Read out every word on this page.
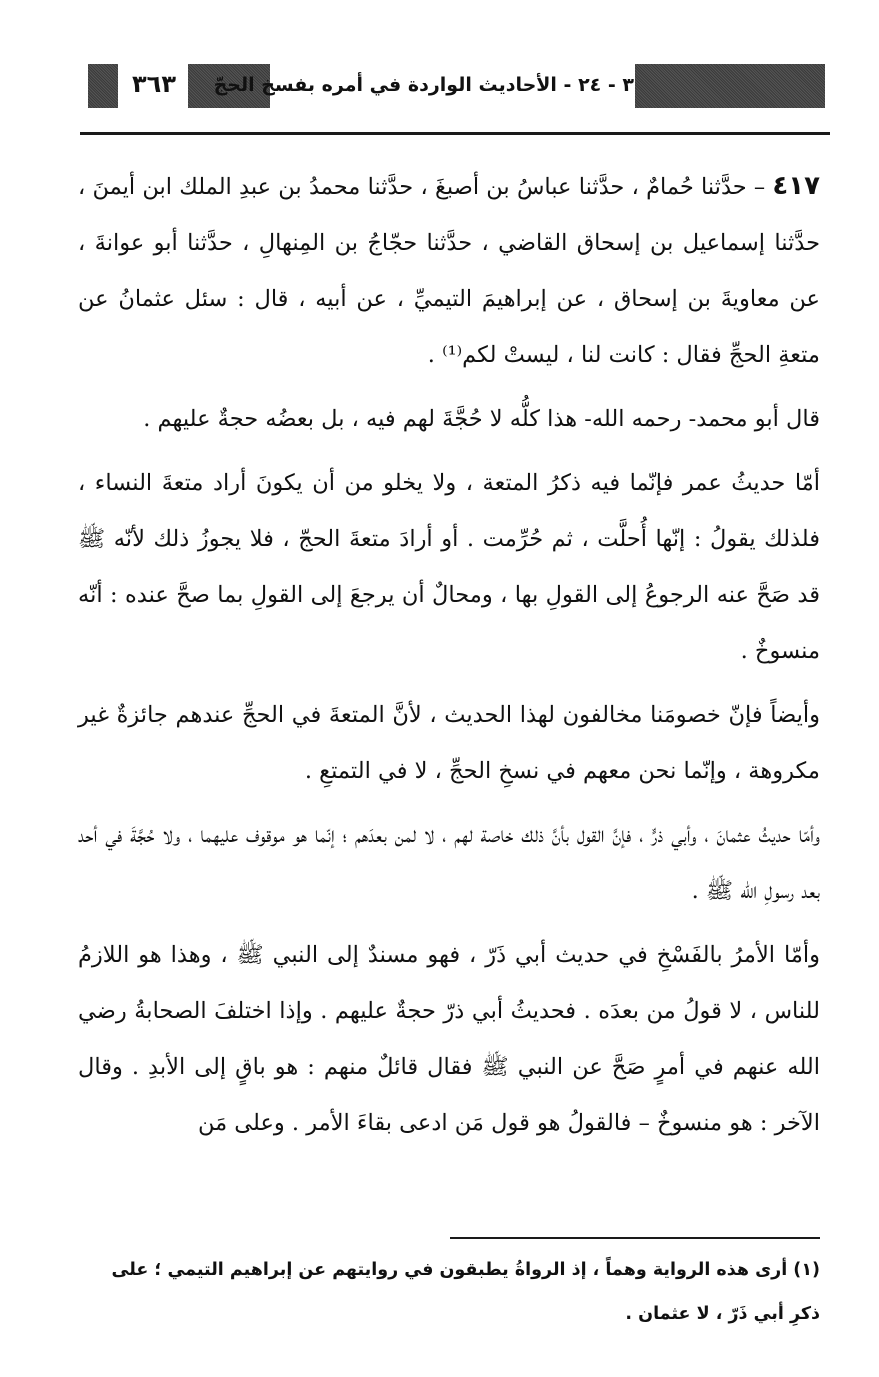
٣٦٣	٣ - ٢٤ - الأحاديث الواردة في أمره بفسخ الحجّ

٤١٧ – حدَّثنا حُمامٌ ، حدَّثنا عباسُ بن أصبغَ ، حدَّثنا محمدُ بن عبدِ الملك ابن أيمنَ ، حدَّثنا إسماعيل بن إسحاق القاضي ، حدَّثنا حجّاجُ بن المِنهالِ ، حدَّثنا أبو عوانةَ ، عن معاويةَ بن إسحاق ، عن إبراهيمَ التيميِّ ، عن أبيه ، قال : سئل عثمانُ عن متعةِ الحجِّ فقال : كانت لنا ، ليستْ لكم⁽¹⁾ .

قال أبو محمد- رحمه الله- هذا كلُّه لا حُجَّةَ لهم فيه ، بل بعضُه حجةٌ عليهم .

أمّا حديثُ عمر فإنّما فيه ذكرُ المتعة ، ولا يخلو من أن يكونَ أراد متعةَ النساء ، فلذلك يقولُ : إنّها أُحلَّت ، ثم حُرِّمت . أو أرادَ متعةَ الحجّ ، فلا يجوزُ ذلك لأنّه ﷺ قد صَحَّ عنه الرجوعُ إلى القولِ بها ، ومحالٌ أن يرجعَ إلى القولِ بما صحَّ عنده : أنّه منسوخٌ .

وأيضاً فإنّ خصومَنا مخالفون لهذا الحديث ، لأنَّ المتعةَ في الحجِّ عندهم جائزةٌ غير مكروهة ، وإنّما نحن معهم في نسخِ الحجِّ ، لا في التمتعِ .

وأمّا حديثُ عثمانَ ، وأبي ذرٍّ ، فإنَّ القول بأنَّ ذلك خاصة لهم ، لا لمن بعدَهم ؛ إنّما هو موقوف عليهما ، ولا حُجَّةَ في أحد بعد رسولِ الله ﷺ .

وأمّا الأمرُ بالفَسْخِ في حديث أبي ذَرّ ، فهو مسندٌ إلى النبي ﷺ ، وهذا هو اللازمُ للناس ، لا قولُ من بعدَه . فحديثُ أبي ذرّ حجةٌ عليهم . وإذا اختلفَ الصحابةُ رضي الله عنهم في أمرٍ صَحَّ عن النبي ﷺ فقال قائلٌ منهم : هو باقٍ إلى الأبدِ . وقال الآخر : هو منسوخٌ – فالقولُ هو قول مَن ادعى بقاءَ الأمر . وعلى مَن

(١) أرى هذه الرواية وهماً ، إذ الرواةُ يطبقون في روايتهم عن إبراهيم التيمي ؛ على ذكرِ أبي ذَرّ ، لا عثمان .
